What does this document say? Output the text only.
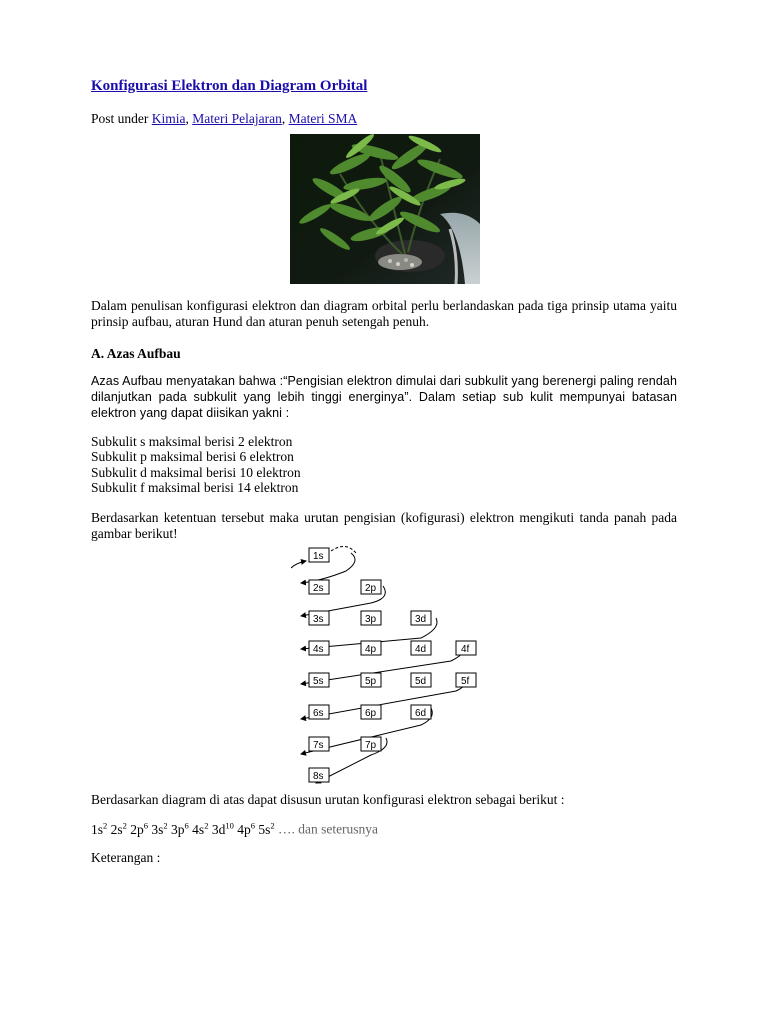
Konfigurasi Elektron dan Diagram Orbital
Post under Kimia, Materi Pelajaran, Materi SMA
Dalam penulisan konfigurasi elektron dan diagram orbital perlu berlandaskan pada tiga prinsip utama yaitu prinsip aufbau, aturan Hund dan aturan penuh setengah penuh.
A. Azas Aufbau
Azas Aufbau menyatakan bahwa :“Pengisian elektron dimulai dari subkulit yang berenergi paling rendah dilanjutkan pada subkulit yang lebih tinggi energinya”. Dalam setiap sub kulit mempunyai batasan elektron yang dapat diisikan yakni :
Subkulit s maksimal berisi 2 elektron
Subkulit p maksimal berisi 6 elektron
Subkulit d maksimal berisi 10 elektron
Subkulit f maksimal berisi 14 elektron
Berdasarkan ketentuan tersebut maka urutan pengisian (kofigurasi) elektron mengikuti tanda panah pada gambar berikut!
1s
2s	2p
3s	3p	3d
4s	4p	4d	4f
5s	5p	5d	5f
6s	6p	6d
7s	7p
8s
Berdasarkan diagram di atas dapat disusun urutan konfigurasi elektron sebagai berikut :
$1s^2$ $2s^2$ $2p^6$ $3s^2$ $3p^6$ $4s^2$ $3d^{10}$ $4p^6$ $5s^2$ …. dan seterusnya
Keterangan :
